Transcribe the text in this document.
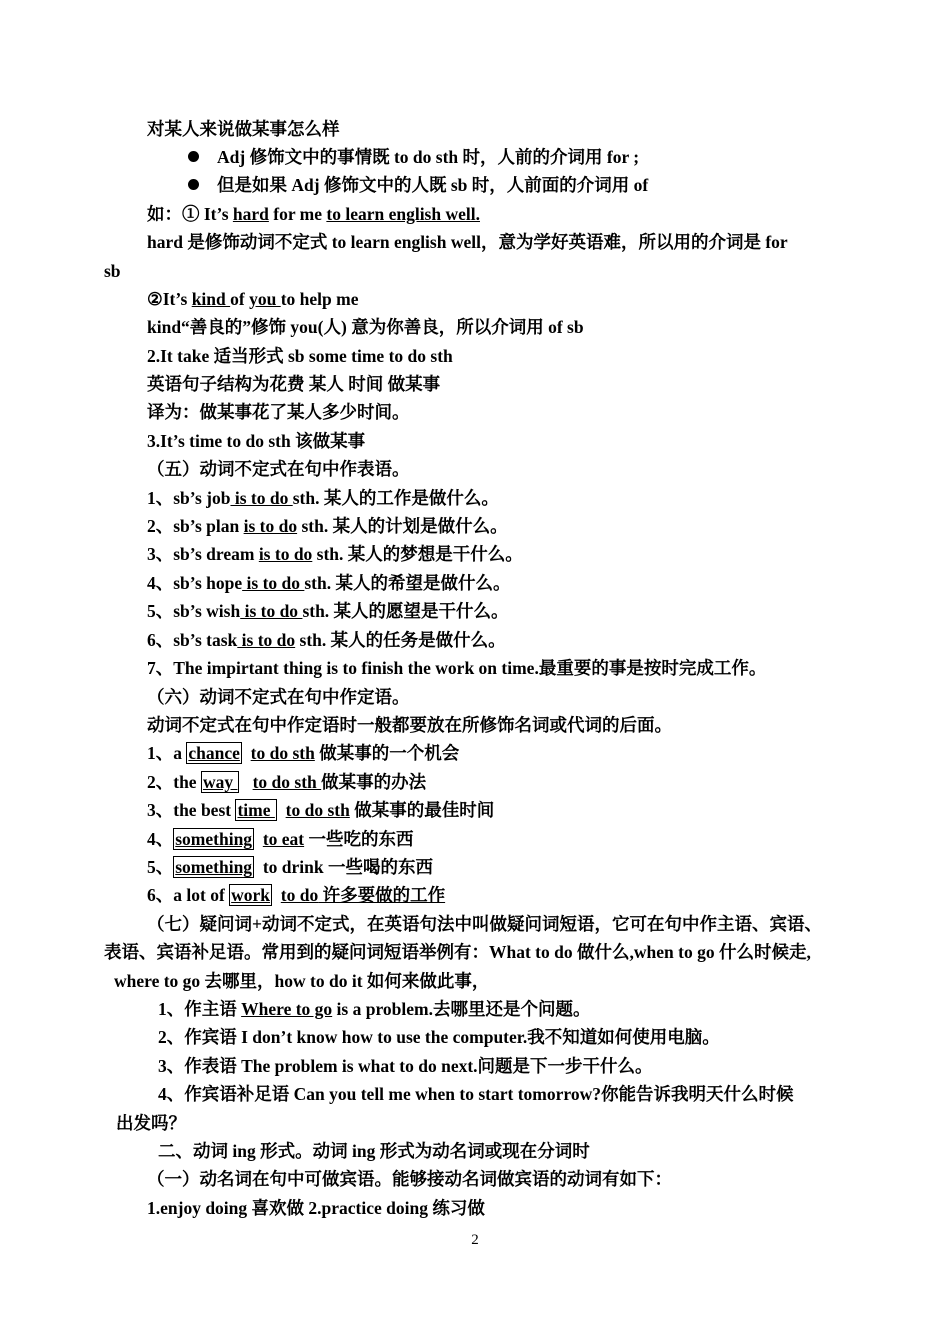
对某人来说做某事怎么样
Adj 修饰文中的事情既 to do sth 时，人前的介词用 for ;
但是如果 Adj 修饰文中的人既 sb 时，人前面的介词用 of
如：① It’s hard for me to learn english well.
hard 是修饰动词不定式 to learn english well，意为学好英语难，所以用的介词是 for
sb
②It’s kind of you to help me
kind“善良的”修饰 you(人) 意为你善良，所以介词用 of sb
2.It take 适当形式 sb some time to do sth
英语句子结构为花费 某人 时间 做某事
译为：做某事花了某人多少时间。
3.It’s time to do sth 该做某事
（五）动词不定式在句中作表语。
1、sb’s job is to do sth. 某人的工作是做什么。
2、sb’s plan is to do sth. 某人的计划是做什么。
3、sb’s dream is to do sth. 某人的梦想是干什么。
4、sb’s hope is to do sth. 某人的希望是做什么。
5、sb’s wish is to do sth. 某人的愿望是干什么。
6、sb’s task is to do sth. 某人的任务是做什么。
7、The impirtant thing is to finish the work on time.最重要的事是按时完成工作。
（六）动词不定式在句中作定语。
动词不定式在句中作定语时一般都要放在所修饰名词或代词的后面。
1、a chance to do sth 做某事的一个机会
2、the way    to do sth 做某事的办法
3、the best time   to do sth 做某事的最佳时间
4、 something to eat 一些吃的东西
5、 something to drink 一些喝的东西
6、a lot of work to do 许多要做的工作
（七）疑问词+动词不定式，在英语句法中叫做疑问词短语，它可在句中作主语、宾语、
表语、宾语补足语。常用到的疑问词短语举例有：What to do 做什么,when to go 什么时候走,
where to go 去哪里，how to do it 如何来做此事，
1、作主语 Where to go is a problem.去哪里还是个问题。
2、作宾语 I don’t know how to use the computer.我不知道如何使用电脑。
3、作表语 The problem is what to do next.问题是下一步干什么。
4、作宾语补足语 Can you tell me when to start tomorrow?你能告诉我明天什么时候
出发吗？
二、动词 ing 形式。动词 ing 形式为动名词或现在分词时
（一）动名词在句中可做宾语。能够接动名词做宾语的动词有如下：
1.enjoy doing 喜欢做 2.practice doing 练习做
2
